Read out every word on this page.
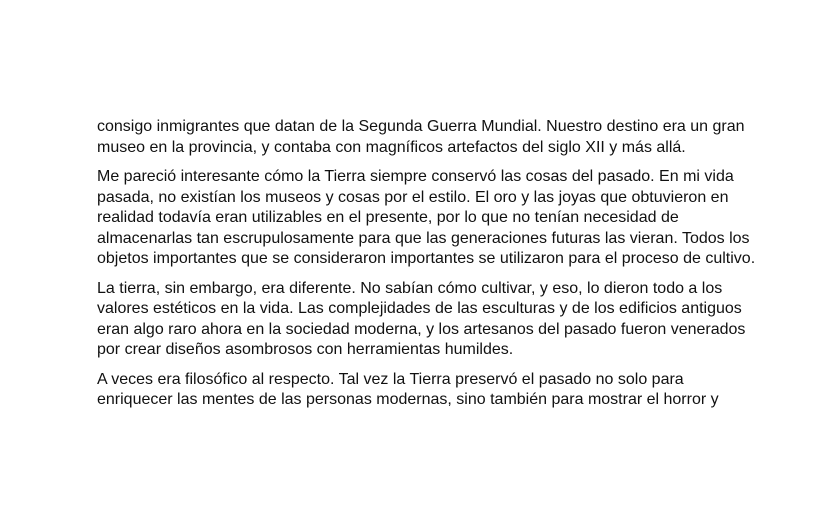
consigo inmigrantes que datan de la Segunda Guerra Mundial. Nuestro destino era un gran museo en la provincia, y contaba con magníficos artefactos del siglo XII y más allá.

Me pareció interesante cómo la Tierra siempre conservó las cosas del pasado. En mi vida pasada, no existían los museos y cosas por el estilo. El oro y las joyas que obtuvieron en realidad todavía eran utilizables en el presente, por lo que no tenían necesidad de almacenarlas tan escrupulosamente para que las generaciones futuras las vieran. Todos los objetos importantes que se consideraron importantes se utilizaron para el proceso de cultivo.

La tierra, sin embargo, era diferente. No sabían cómo cultivar, y eso, lo dieron todo a los valores estéticos en la vida. Las complejidades de las esculturas y de los edificios antiguos eran algo raro ahora en la sociedad moderna, y los artesanos del pasado fueron venerados por crear diseños asombrosos con herramientas humildes.

A veces era filosófico al respecto. Tal vez la Tierra preservó el pasado no solo para enriquecer las mentes de las personas modernas, sino también para mostrar el horror y
